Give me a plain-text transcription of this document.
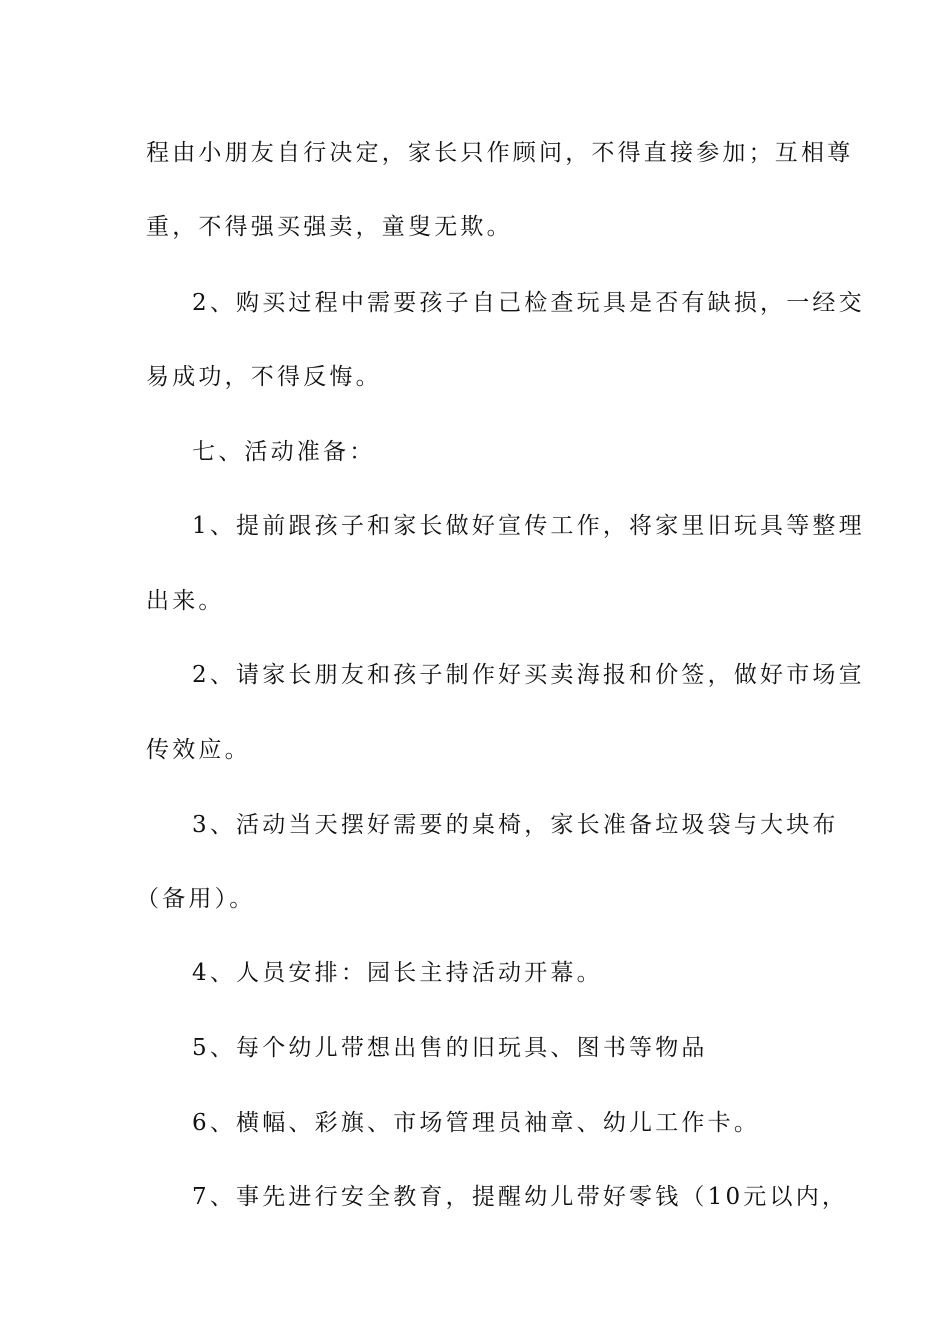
程由小朋友自行决定，家长只作顾问，不得直接参加；互相尊

重，不得强买强卖，童叟无欺。

2、购买过程中需要孩子自己检查玩具是否有缺损，一经交

易成功，不得反悔。

七、活动准备：

1、提前跟孩子和家长做好宣传工作，将家里旧玩具等整理

出来。

2、请家长朋友和孩子制作好买卖海报和价签，做好市场宣

传效应。

3、活动当天摆好需要的桌椅，家长准备垃圾袋与大块布

（备用）。

4、人员安排：园长主持活动开幕。

5、每个幼儿带想出售的旧玩具、图书等物品

6、横幅、彩旗、市场管理员袖章、幼儿工作卡。

7、事先进行安全教育，提醒幼儿带好零钱（10元以内，
